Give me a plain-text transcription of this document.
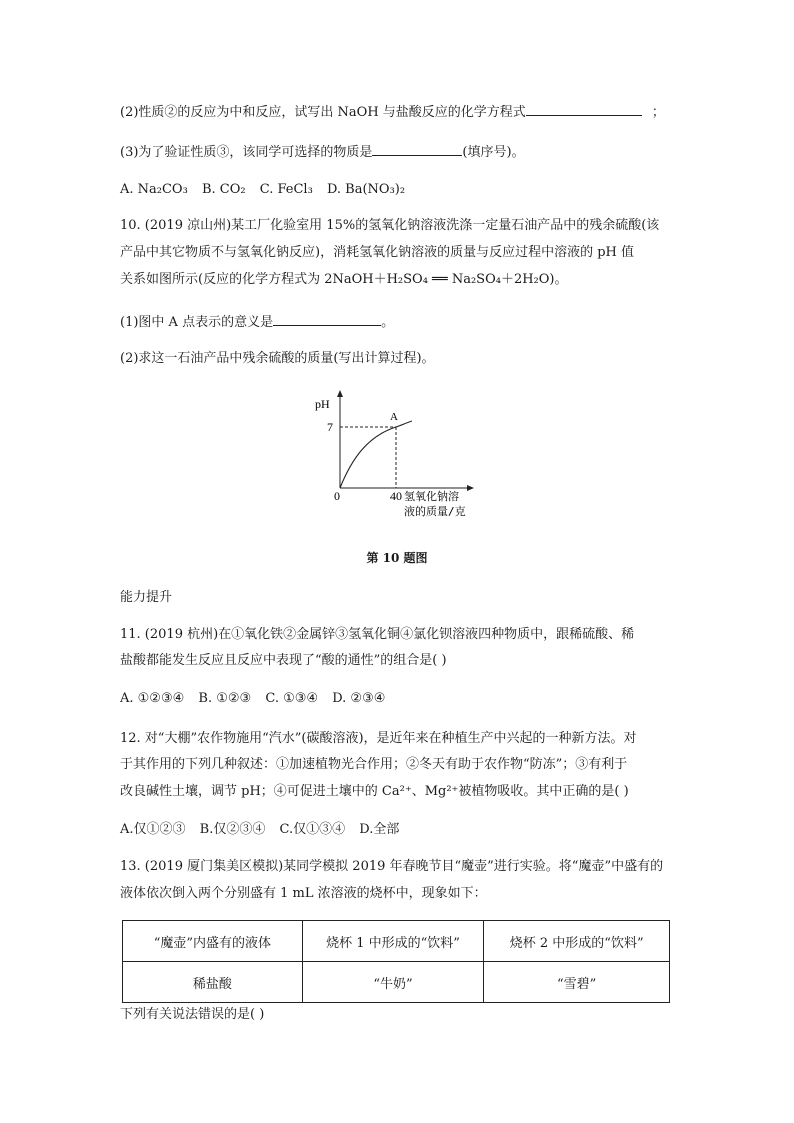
(2)性质②的反应为中和反应，试写出 NaOH 与盐酸反应的化学方程式	；
(3)为了验证性质③，该同学可选择的物质是	(填序号)。
A. Na₂CO₃ B. CO₂ C. FeCl₃ D. Ba(NO₃)₂
10. (2019 凉山州)某工厂化验室用 15%的氢氧化钠溶液洗涤一定量石油产品中的残余硫酸(该
产品中其它物质不与氢氧化钠反应)，消耗氢氧化钠溶液的质量与反应过程中溶液的 pH 值
关系如图所示(反应的化学方程式为 2NaOH＋H₂SO₄ ══ Na₂SO₄＋2H₂O)。
(1)图中 A 点表示的意义是	。
(2)求这一石油产品中残余硫酸的质量(写出计算过程)。
pH
7
A
0	40 氢氧化钠溶
液的质量/克
第 10 题图
能力提升
11. (2019 杭州)在①氧化铁②金属锌③氢氧化铜④氯化钡溶液四种物质中，跟稀硫酸、稀
盐酸都能发生反应且反应中表现了“酸的通性”的组合是( )
A. ①②③④ B. ①②③ C. ①③④ D. ②③④
12. 对“大棚”农作物施用“汽水”(碳酸溶液)，是近年来在种植生产中兴起的一种新方法。对
于其作用的下列几种叙述：①加速植物光合作用；②冬天有助于农作物“防冻”；③有利于
改良碱性土壤，调节 pH；④可促进土壤中的 Ca²⁺、Mg²⁺被植物吸收。其中正确的是( )
A.仅①②③ B.仅②③④ C.仅①③④ D.全部
13. (2019 厦门集美区模拟)某同学模拟 2019 年春晚节目“魔壶”进行实验。将“魔壶”中盛有的
液体依次倒入两个分别盛有 1 mL 浓溶液的烧杯中，现象如下：
“魔壶”内盛有的液体	烧杯 1 中形成的“饮料”	烧杯 2 中形成的“饮料”
稀盐酸	“牛奶”	“雪碧”
下列有关说法错误的是( )
